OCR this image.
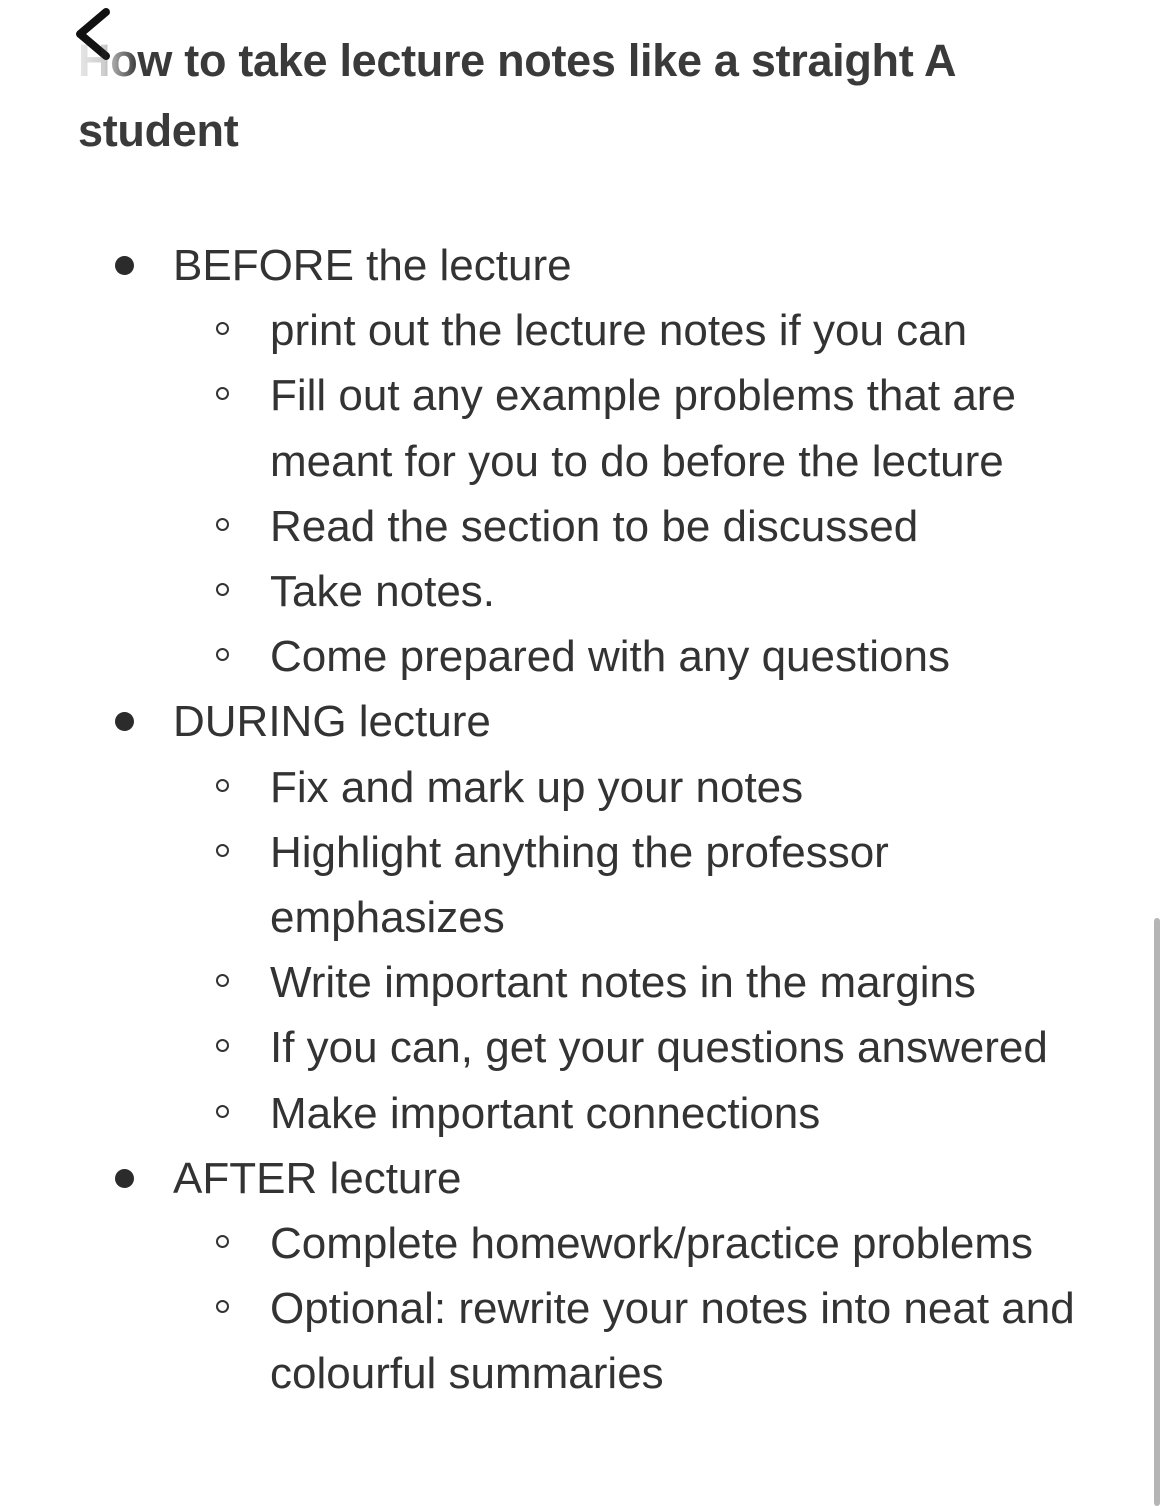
How to take lecture notes like a straight A student
BEFORE the lecture
print out the lecture notes if you can
Fill out any example problems that are meant for you to do before the lecture
Read the section to be discussed
Take notes.
Come prepared with any questions
DURING lecture
Fix and mark up your notes
Highlight anything the professor emphasizes
Write important notes in the margins
If you can, get your questions answered
Make important connections
AFTER lecture
Complete homework/practice problems
Optional: rewrite your notes into neat and colourful summaries
